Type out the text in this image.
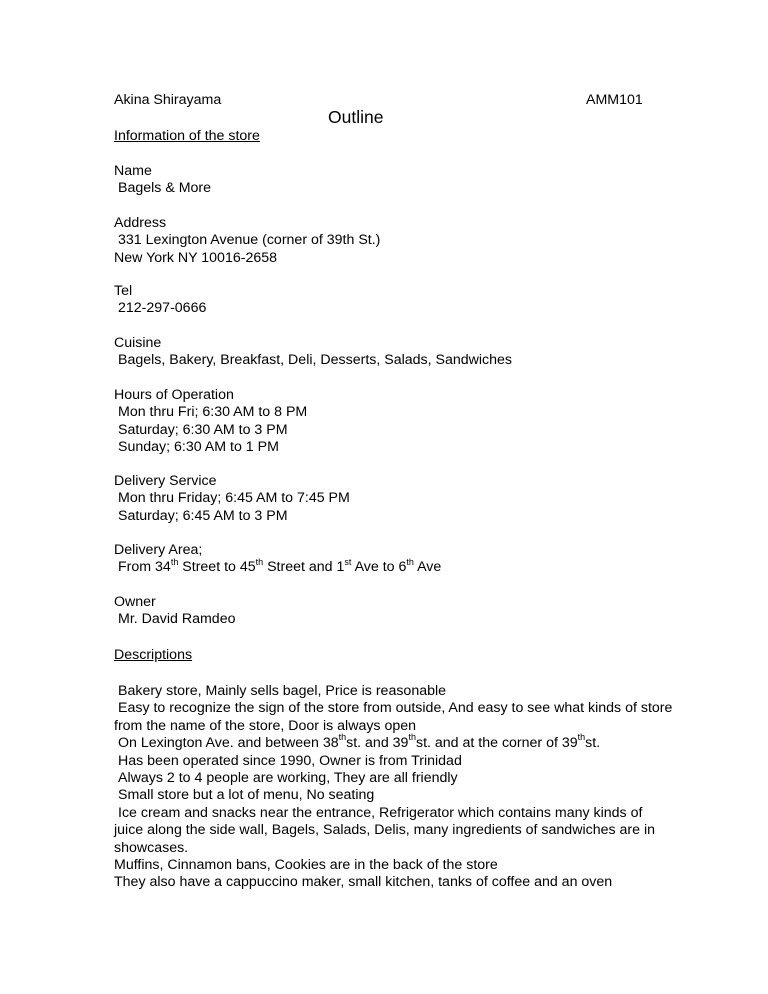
Akina Shirayama	AMM101
Outline
Information of the store
Name
Bagels & More
Address
331 Lexington Avenue (corner of 39th St.)
New York NY 10016-2658
Tel
212-297-0666
Cuisine
Bagels, Bakery, Breakfast, Deli, Desserts, Salads, Sandwiches
Hours of Operation
Mon thru Fri; 6:30 AM to 8 PM
Saturday; 6:30 AM to 3 PM
Sunday; 6:30 AM to 1 PM
Delivery Service
Mon thru Friday; 6:45 AM to 7:45 PM
Saturday; 6:45 AM to 3 PM
Delivery Area;
From 34th Street to 45th Street and 1st Ave to 6th Ave
Owner
Mr. David Ramdeo
Descriptions

Bakery store, Mainly sells bagel, Price is reasonable

Easy to recognize the sign of the store from outside, And easy to see what kinds of store from the name of the store, Door is always open

On Lexington Ave. and between 38thst. and 39thst. and at the corner of 39thst.

Has been operated since 1990, Owner is from Trinidad

Always 2 to 4 people are working, They are all friendly

Small store but a lot of menu, No seating

Ice cream and snacks near the entrance, Refrigerator which contains many kinds of juice along the side wall, Bagels, Salads, Delis, many ingredients of sandwiches are in showcases.

Muffins, Cinnamon bans, Cookies are in the back of the store

They also have a cappuccino maker, small kitchen, tanks of coffee and an oven
